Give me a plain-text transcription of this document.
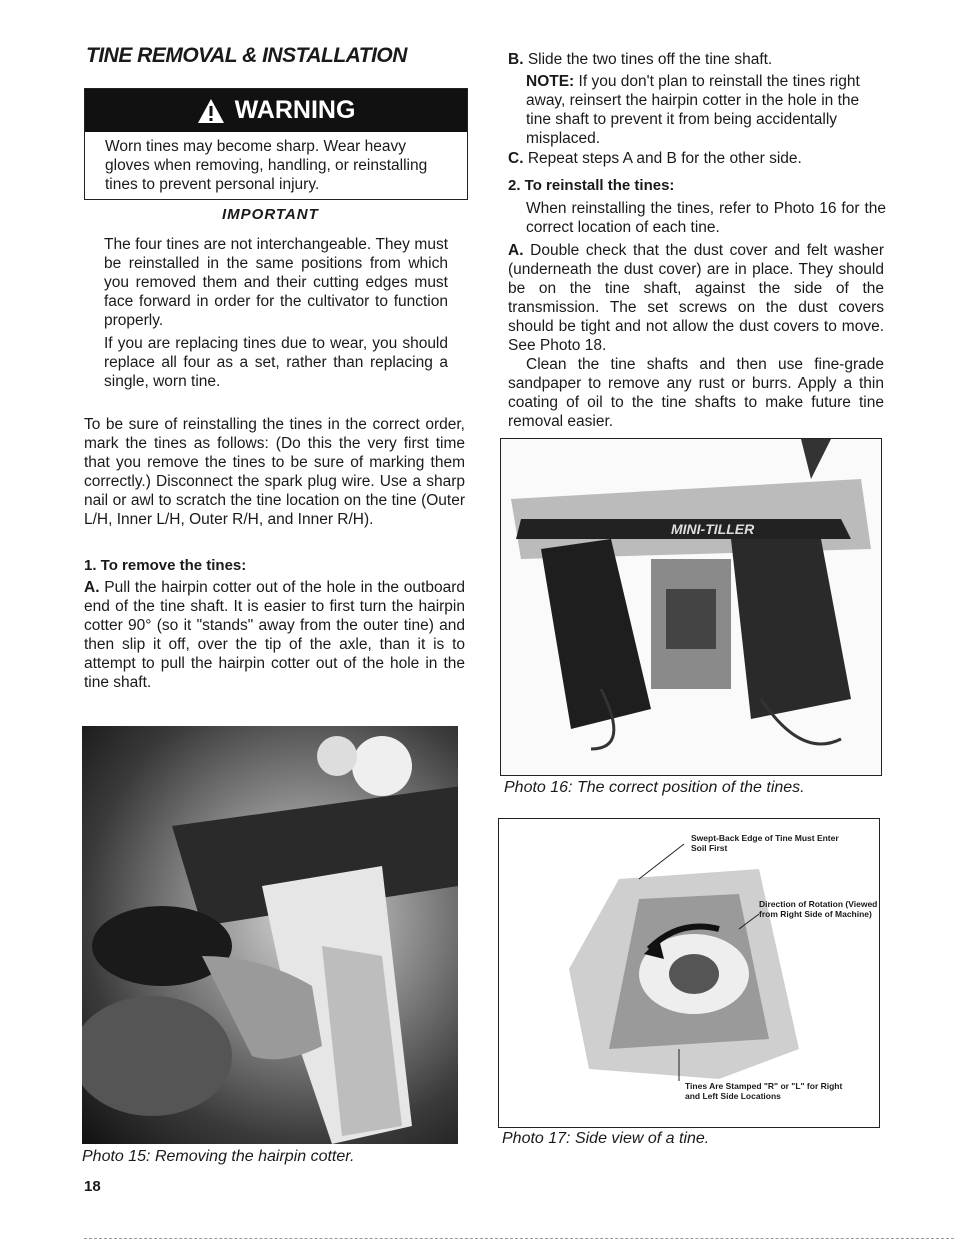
TINE REMOVAL & INSTALLATION
WARNING
Worn tines may become sharp. Wear heavy gloves when removing, handling, or reinstalling tines to prevent personal injury.
IMPORTANT
The four tines are not interchangeable. They must be reinstalled in the same positions from which you removed them and their cutting edges must face forward in order for the cultivator to function properly.
If you are replacing tines due to wear, you should replace all four as a set, rather than replacing a single, worn tine.
To be sure of reinstalling the tines in the correct order, mark the tines as follows: (Do this the very first time that you remove the tines to be sure of marking them correctly.) Disconnect the spark plug wire. Use a sharp nail or awl to scratch the tine location on the tine (Outer L/H, Inner L/H, Outer R/H, and Inner R/H).
1. To remove the tines:
A. Pull the hairpin cotter out of the hole in the outboard end of the tine shaft. It is easier to first turn the hairpin cotter 90° (so it "stands" away from the outer tine) and then slip it off, over the tip of the axle, than it is to attempt to pull the hairpin cotter out of the hole in the tine shaft.
Photo 15: Removing the hairpin cotter.
18
B. Slide the two tines off the tine shaft.
NOTE: If you don't plan to reinstall the tines right away, reinsert the hairpin cotter in the hole in the tine shaft to prevent it from being accidentally misplaced.
C. Repeat steps A and B for the other side.
2. To reinstall the tines:
When reinstalling the tines, refer to Photo 16 for the correct location of each tine.
A. Double check that the dust cover and felt washer (underneath the dust cover) are in place. They should be on the tine shaft, against the side of the transmission. The set screws on the dust covers should be tight and not allow the dust covers to move. See Photo 18.
Clean the tine shafts and then use fine-grade sandpaper to remove any rust or burrs. Apply a thin coating of oil to the tine shafts to make future tine removal easier.
MINI-TILLER
Photo 16: The correct position of the tines.
Swept-Back Edge of Tine Must Enter Soil First
Direction of Rotation (Viewed from Right Side of Machine)
Tines Are Stamped "R" or "L" for Right and Left Side Locations
Photo 17: Side view of a tine.
